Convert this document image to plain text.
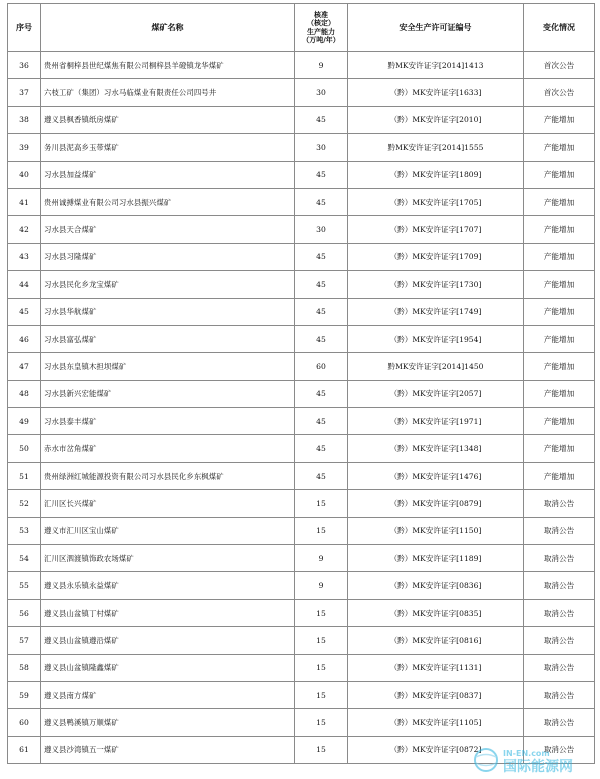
序号	煤矿名称	核准
（核定）
生产能力
（万吨/年）	安全生产许可证编号	变化情况
36	贵州省桐梓县世纪煤焦有限公司桐梓县羊磴镇龙华煤矿	9	黔MK安许证字[2014]1413	首次公告
37	六枝工矿（集团）习水马临煤业有限责任公司四号井	30	（黔）MK安许证字[1633]	首次公告
38	遵义县枫香镇纸房煤矿	45	（黔）MK安许证字[2010]	产能增加
39	务川县泥高乡玉带煤矿	30	黔MK安许证字[2014]1555	产能增加
40	习水县加益煤矿	45	（黔）MK安许证字[1809]	产能增加
41	贵州诚搏煤业有限公司习水县振兴煤矿	45	（黔）MK安许证字[1705]	产能增加
42	习水县天合煤矿	30	（黔）MK安许证字[1707]	产能增加
43	习水县习隆煤矿	45	（黔）MK安许证字[1709]	产能增加
44	习水县民化乡龙宝煤矿	45	（黔）MK安许证字[1730]	产能增加
45	习水县华航煤矿	45	（黔）MK安许证字[1749]	产能增加
46	习水县富弘煤矿	45	（黔）MK安许证字[1954]	产能增加
47	习水县东皇镇木担坝煤矿	60	黔MK安许证字[2014]1450	产能增加
48	习水县新兴宏能煤矿	45	（黔）MK安许证字[2057]	产能增加
49	习水县泰丰煤矿	45	（黔）MK安许证字[1971]	产能增加
50	赤水市岔角煤矿	45	（黔）MK安许证字[1348]	产能增加
51	贵州绿洲红城能源投资有限公司习水县民化乡东枫煤矿	45	（黔）MK安许证字[1476]	产能增加
52	汇川区长兴煤矿	15	（黔）MK安许证字[0879]	取消公告
53	遵义市汇川区宝山煤矿	15	（黔）MK安许证字[1150]	取消公告
54	汇川区泗渡镇饰政农场煤矿	9	（黔）MK安许证字[1189]	取消公告
55	遵义县永乐镇永益煤矿	9	（黔）MK安许证字[0836]	取消公告
56	遵义县山盆镇丁村煤矿	15	（黔）MK安许证字[0835]	取消公告
57	遵义县山盆镇遵沿煤矿	15	（黔）MK安许证字[0816]	取消公告
58	遵义县山盆镇隆鑫煤矿	15	（黔）MK安许证字[1131]	取消公告
59	遵义县南方煤矿	15	（黔）MK安许证字[0837]	取消公告
60	遵义县鸭溪镇万顺煤矿	15	（黔）MK安许证字[1105]	取消公告
61	遵义县沙湾镇五一煤矿	15	（黔）MK安许证字[0872]	取消公告
IN-EN.com
国际能源网
